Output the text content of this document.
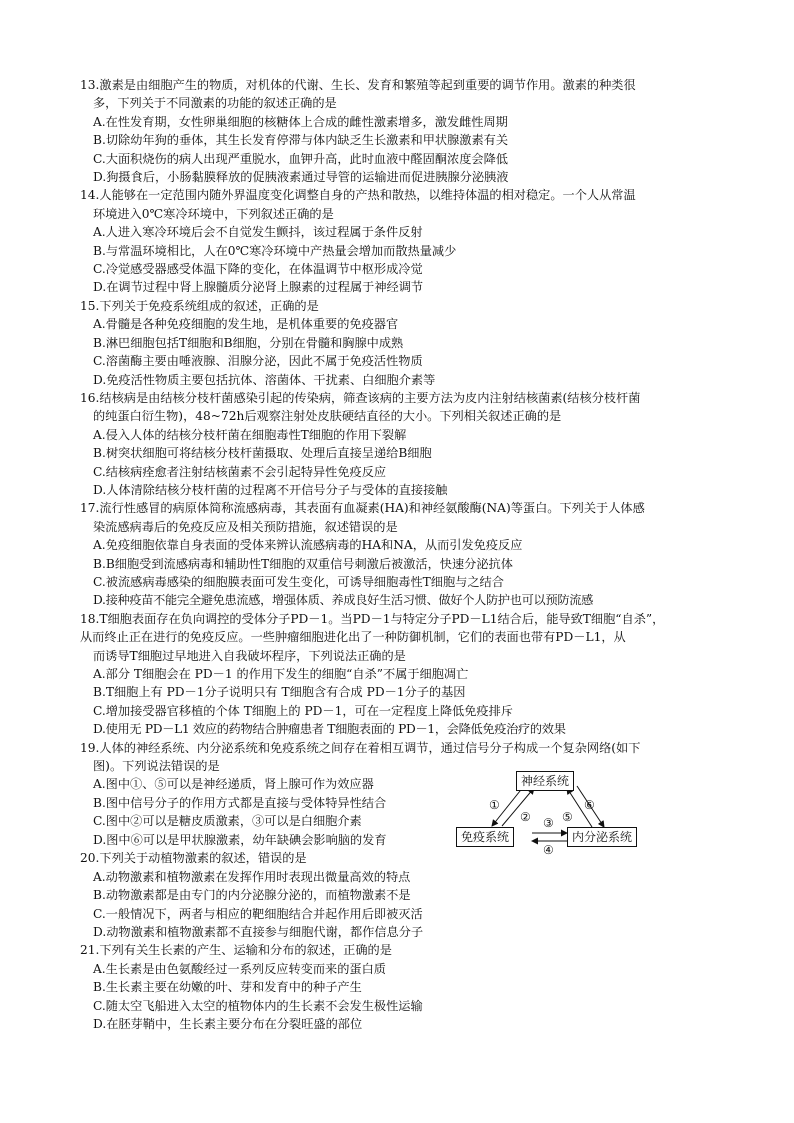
13.激素是由细胞产生的物质，对机体的代谢、生长、发育和繁殖等起到重要的调节作用。激素的种类很
多，下列关于不同激素的功能的叙述正确的是
A.在性发育期，女性卵巢细胞的核糖体上合成的雌性激素增多，激发雌性周期
B.切除幼年狗的垂体，其生长发育停滞与体内缺乏生长激素和甲状腺激素有关
C.大面积烧伤的病人出现严重脱水，血钾升高，此时血液中醛固酮浓度会降低
D.狗摄食后，小肠黏膜释放的促胰液素通过导管的运输进而促进胰腺分泌胰液
14.人能够在一定范围内随外界温度变化调整自身的产热和散热，以维持体温的相对稳定。一个人从常温
环境进入0℃寒冷环境中，下列叙述正确的是
A.人进入寒冷环境后会不自觉发生颤抖，该过程属于条件反射
B.与常温环境相比，人在0℃寒冷环境中产热量会增加而散热量减少
C.冷觉感受器感受体温下降的变化，在体温调节中枢形成冷觉
D.在调节过程中肾上腺髓质分泌肾上腺素的过程属于神经调节
15.下列关于免疫系统组成的叙述，正确的是
A.骨髓是各种免疫细胞的发生地，是机体重要的免疫器官
B.淋巴细胞包括T细胞和B细胞，分别在骨髓和胸腺中成熟
C.溶菌酶主要由唾液腺、泪腺分泌，因此不属于免疫活性物质
D.免疫活性物质主要包括抗体、溶菌体、干扰素、白细胞介素等
16.结核病是由结核分枝杆菌感染引起的传染病，筛查该病的主要方法为皮内注射结核菌素(结核分枝杆菌
的纯蛋白衍生物)，48~72h后观察注射处皮肤硬结直径的大小。下列相关叙述正确的是
A.侵入人体的结核分枝杆菌在细胞毒性T细胞的作用下裂解
B.树突状细胞可将结核分枝杆菌摄取、处理后直接呈递给B细胞
C.结核病痊愈者注射结核菌素不会引起特异性免疫反应
D.人体清除结核分枝杆菌的过程离不开信号分子与受体的直接接触
17.流行性感冒的病原体简称流感病毒，其表面有血凝素(HA)和神经氨酸酶(NA)等蛋白。下列关于人体感
染流感病毒后的免疫反应及相关预防措施，叙述错误的是
A.免疫细胞依靠自身表面的受体来辨认流感病毒的HA和NA，从而引发免疫反应
B.B细胞受到流感病毒和辅助性T细胞的双重信号刺激后被激活，快速分泌抗体
C.被流感病毒感染的细胞膜表面可发生变化，可诱导细胞毒性T细胞与之结合
D.接种疫苗不能完全避免患流感，增强体质、养成良好生活习惯、做好个人防护也可以预防流感
18.T细胞表面存在负向调控的受体分子PD－1。当PD－1与特定分子PD－L1结合后，能导致T细胞“自杀”，
从而终止正在进行的免疫反应。一些肿瘤细胞进化出了一种防御机制，它们的表面也带有PD－L1，从
而诱导T细胞过早地进入自我破坏程序，下列说法正确的是
A.部分 T细胞会在 PD－1 的作用下发生的细胞“自杀”不属于细胞凋亡
B.T细胞上有 PD－1分子说明只有 T细胞含有合成 PD－1分子的基因
C.增加接受器官移植的个体 T细胞上的 PD－1，可在一定程度上降低免疫排斥
D.使用无 PD－L1 效应的药物结合肿瘤患者 T细胞表面的 PD－1，会降低免疫治疗的效果
19.人体的神经系统、内分泌系统和免疫系统之间存在着相互调节，通过信号分子构成一个复杂网络(如下
图)。下列说法错误的是
A.图中①、⑤可以是神经递质，肾上腺可作为效应器
B.图中信号分子的作用方式都是直接与受体特异性结合
C.图中②可以是糖皮质激素，③可以是白细胞介素
D.图中⑥可以是甲状腺激素，幼年缺碘会影响脑的发育
神经系统
免疫系统	内分泌系统
①
② ③
④
⑤
⑥
20.下列关于动植物激素的叙述，错误的是
A.动物激素和植物激素在发挥作用时表现出微量高效的特点
B.动物激素都是由专门的内分泌腺分泌的，而植物激素不是
C.一般情况下，两者与相应的靶细胞结合并起作用后即被灭活
D.动物激素和植物激素都不直接参与细胞代谢，都作信息分子
21.下列有关生长素的产生、运输和分布的叙述，正确的是
A.生长素是由色氨酸经过一系列反应转变而来的蛋白质
B.生长素主要在幼嫩的叶、芽和发育中的种子产生
C.随太空飞船进入太空的植物体内的生长素不会发生极性运输
D.在胚芽鞘中，生长素主要分布在分裂旺盛的部位
